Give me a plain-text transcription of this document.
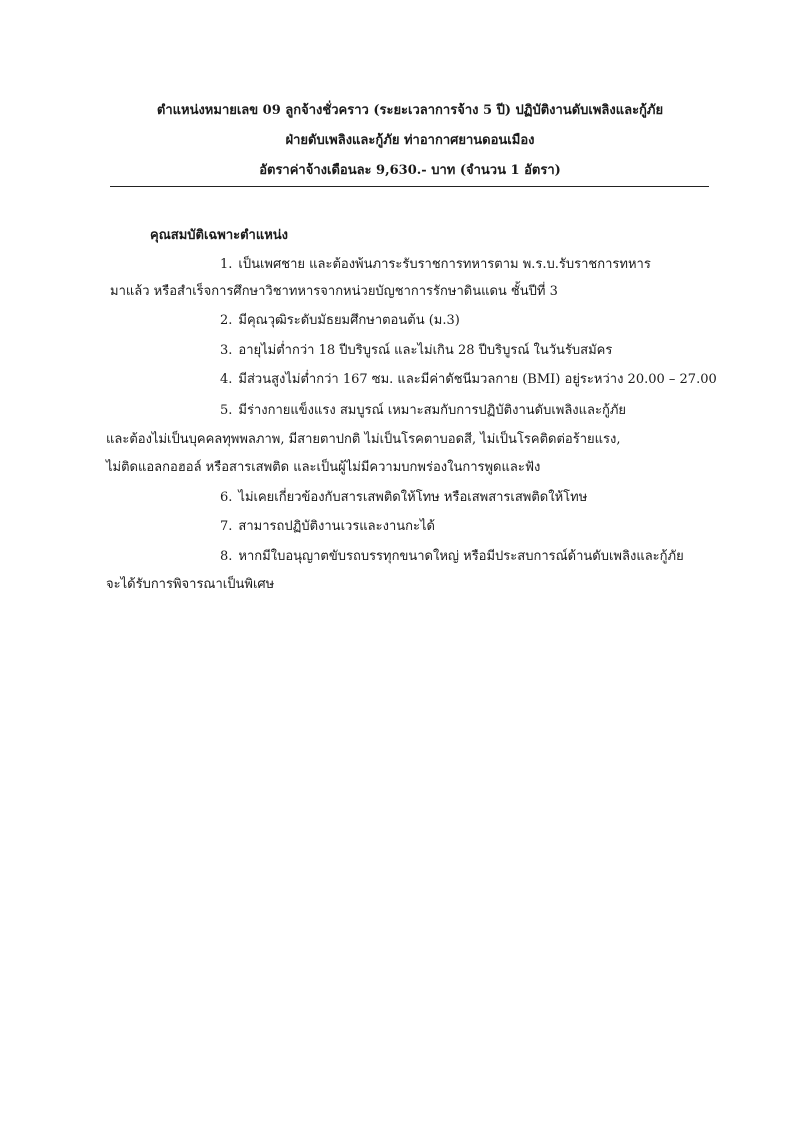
ตำแหน่งหมายเลข 09 ลูกจ้างชั่วคราว (ระยะเวลาการจ้าง 5 ปี) ปฏิบัติงานดับเพลิงและกู้ภัย
ฝ่ายดับเพลิงและกู้ภัย ท่าอากาศยานดอนเมือง
อัตราค่าจ้างเดือนละ 9,630.- บาท (จำนวน 1 อัตรา)
คุณสมบัติเฉพาะตำแหน่ง
1. เป็นเพศชาย และต้องพ้นภาระรับราชการทหารตาม พ.ร.บ.รับราชการทหาร
มาแล้ว หรือสำเร็จการศึกษาวิชาทหารจากหน่วยบัญชาการรักษาดินแดน ชั้นปีที่ 3
2. มีคุณวุฒิระดับมัธยมศึกษาตอนต้น (ม.3)
3. อายุไม่ต่ำกว่า 18 ปีบริบูรณ์ และไม่เกิน 28 ปีบริบูรณ์ ในวันรับสมัคร
4. มีส่วนสูงไม่ต่ำกว่า 167 ซม. และมีค่าดัชนีมวลกาย (BMI) อยู่ระหว่าง 20.00 – 27.00
5. มีร่างกายแข็งแรง สมบูรณ์ เหมาะสมกับการปฏิบัติงานดับเพลิงและกู้ภัย
และต้องไม่เป็นบุคคลทุพพลภาพ, มีสายตาปกติ ไม่เป็นโรคตาบอดสี, ไม่เป็นโรคติดต่อร้ายแรง,
ไม่ติดแอลกอฮอล์ หรือสารเสพติด และเป็นผู้ไม่มีความบกพร่องในการพูดและฟัง
6. ไม่เคยเกี่ยวข้องกับสารเสพติดให้โทษ หรือเสพสารเสพติดให้โทษ
7. สามารถปฏิบัติงานเวรและงานกะได้
8. หากมีใบอนุญาตขับรถบรรทุกขนาดใหญ่ หรือมีประสบการณ์ด้านดับเพลิงและกู้ภัย
จะได้รับการพิจารณาเป็นพิเศษ
